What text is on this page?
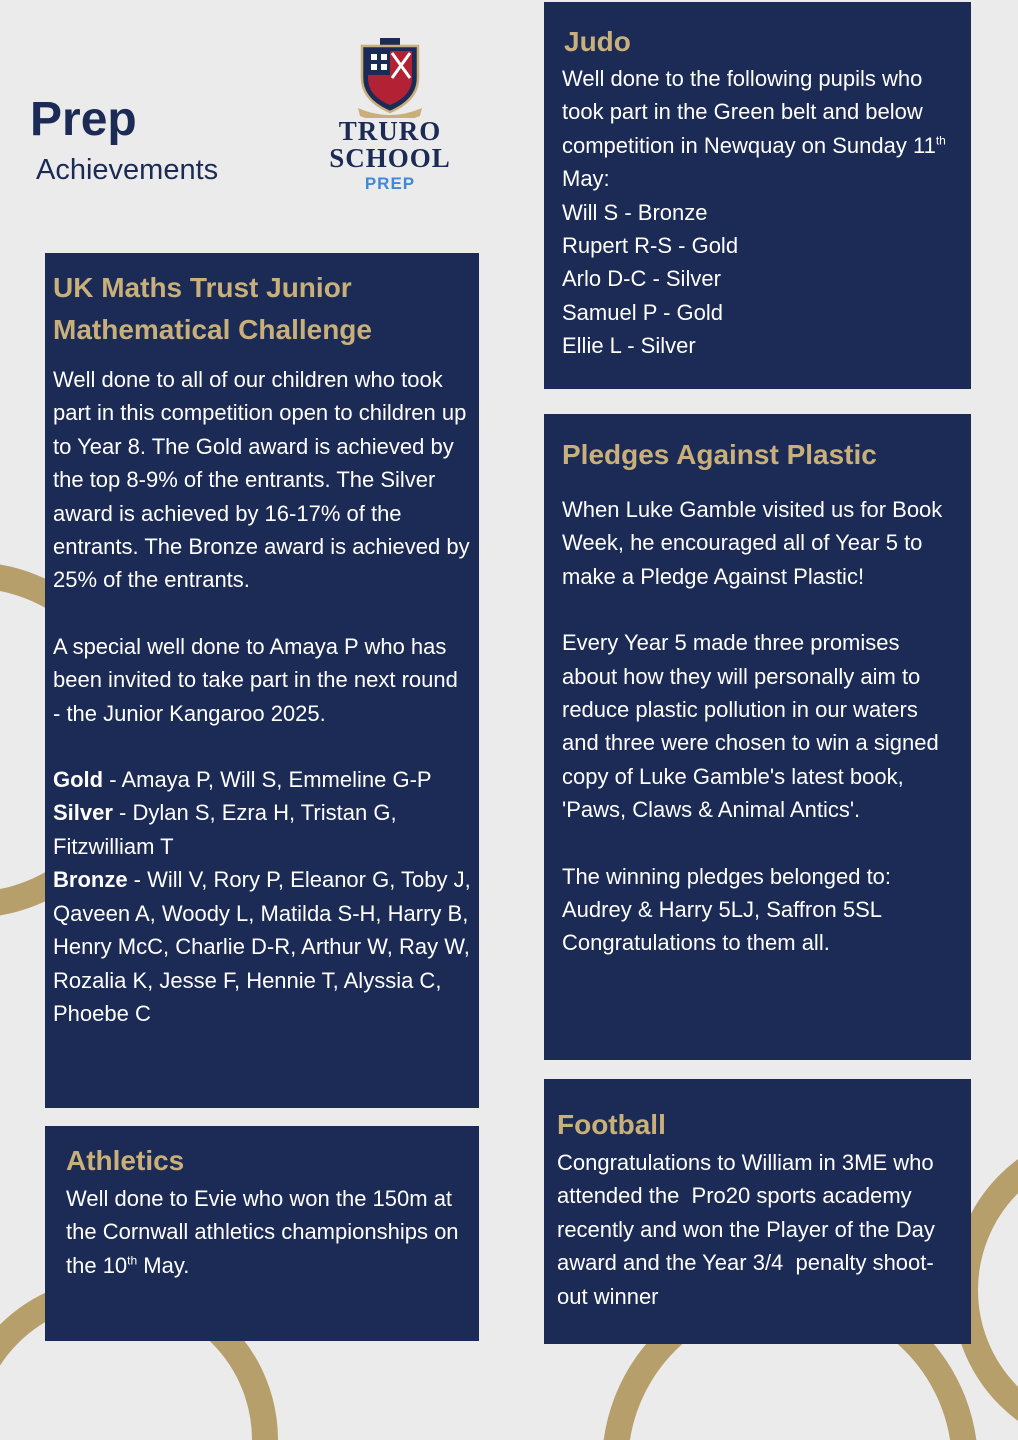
Prep
Achievements
TRURO
SCHOOL
PREP
UK Maths Trust Junior Mathematical Challenge

Well done to all of our children who took part in this competition open to children up to Year 8. The Gold award is achieved by the top 8-9% of the entrants. The Silver award is achieved by 16-17% of the entrants. The Bronze award is achieved by 25% of the entrants.

A special well done to Amaya P who has been invited to take part in the next round - the Junior Kangaroo 2025.

Gold - Amaya P, Will S, Emmeline G-P

Silver - Dylan S, Ezra H, Tristan G, Fitzwilliam T

Bronze - Will V, Rory P, Eleanor G, Toby J, Qaveen A, Woody L, Matilda S-H, Harry B, Henry McC, Charlie D-R, Arthur W, Ray W, Rozalia K, Jesse F, Hennie T, Alyssia C, Phoebe C

Athletics

Well done to Evie who won the 150m at the Cornwall athletics championships on the 10th May.

Judo

Well done to the following pupils who took part in the Green belt and below competition in Newquay on Sunday 11th May:

Will S - Bronze

Rupert R-S - Gold

Arlo D-C - Silver

Samuel P - Gold

Ellie L - Silver

Pledges Against Plastic

When Luke Gamble visited us for Book Week, he encouraged all of Year 5 to make a Pledge Against Plastic!

Every Year 5 made three promises about how they will personally aim to reduce plastic pollution in our waters and three were chosen to win a signed copy of Luke Gamble's latest book, 'Paws, Claws & Animal Antics'.

The winning pledges belonged to:

Audrey & Harry 5LJ, Saffron 5SL

Congratulations to them all.

Football

Congratulations to William in 3ME who attended the  Pro20 sports academy recently and won the Player of the Day award and the Year 3/4  penalty shoot-out winner
